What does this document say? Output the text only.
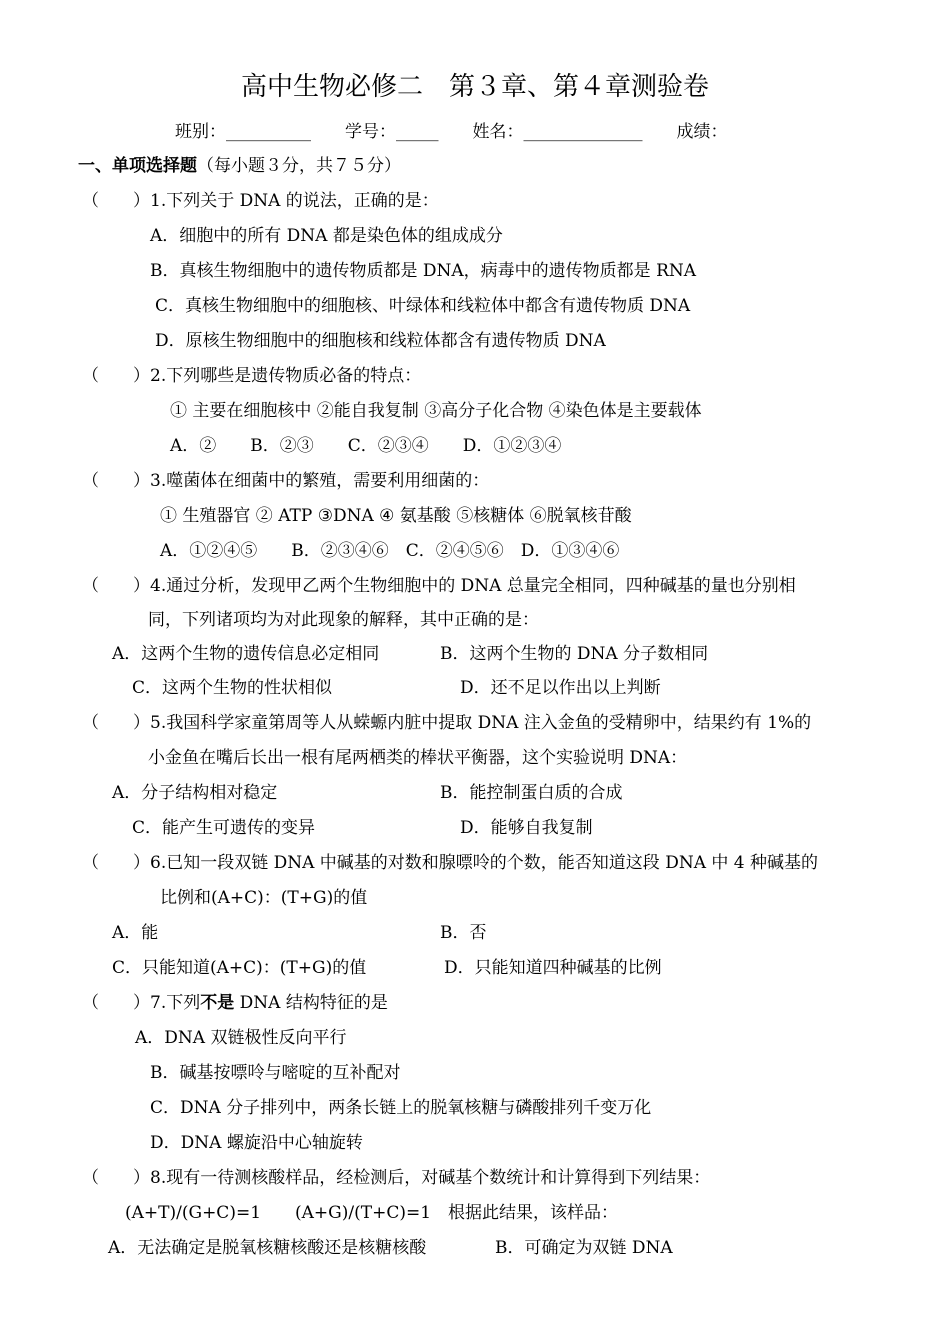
高中生物必修二　第３章、第４章测验卷
班别：__________　　学号：_____　　姓名：______________　　成绩：
一、单项选择题（每小题３分，共７５分）
（　　）1.下列关于 DNA 的说法，正确的是：
A．细胞中的所有 DNA 都是染色体的组成成分
B．真核生物细胞中的遗传物质都是 DNA，病毒中的遗传物质都是 RNA
C．真核生物细胞中的细胞核、叶绿体和线粒体中都含有遗传物质 DNA
D．原核生物细胞中的细胞核和线粒体都含有遗传物质 DNA
（　　）2.下列哪些是遗传物质必备的特点：
① 主要在细胞核中 ②能自我复制 ③高分子化合物 ④染色体是主要载体
A．②　　B．②③　　C．②③④　　D．①②③④
（　　）3.噬菌体在细菌中的繁殖，需要利用细菌的：
① 生殖器官 ② ATP ③DNA ④ 氨基酸 ⑤核糖体 ⑥脱氧核苷酸
A．①②④⑤　　B．②③④⑥　C．②④⑤⑥　D．①③④⑥
（　　）4.通过分析，发现甲乙两个生物细胞中的 DNA 总量完全相同，四种碱基的量也分别相
同，下列诸项均为对此现象的解释，其中正确的是：
A．这两个生物的遗传信息必定相同	B．这两个生物的 DNA 分子数相同
C．这两个生物的性状相似	D．还不足以作出以上判断
（　　）5.我国科学家童第周等人从蝾螈内脏中提取 DNA 注入金鱼的受精卵中，结果约有 1%的
小金鱼在嘴后长出一根有尾两栖类的棒状平衡器，这个实验说明 DNA：
A．分子结构相对稳定	B．能控制蛋白质的合成
C．能产生可遗传的变异	D．能够自我复制
（　　）6.已知一段双链 DNA 中碱基的对数和腺嘌呤的个数，能否知道这段 DNA 中 4 种碱基的
比例和(A+C)：(T+G)的值
A．能	B．否
C．只能知道(A+C)：(T+G)的值	D．只能知道四种碱基的比例
（　　）7.下列不是 DNA 结构特征的是
A．DNA 双链极性反向平行
B．碱基按嘌呤与嘧啶的互补配对
C．DNA 分子排列中，两条长链上的脱氧核糖与磷酸排列千变万化
D．DNA 螺旋沿中心轴旋转
（　　）8.现有一待测核酸样品，经检测后，对碱基个数统计和计算得到下列结果：
(A+T)/(G+C)=1　　(A+G)/(T+C)=1　根据此结果，该样品：
A．无法确定是脱氧核糖核酸还是核糖核酸	B．可确定为双链 DNA
